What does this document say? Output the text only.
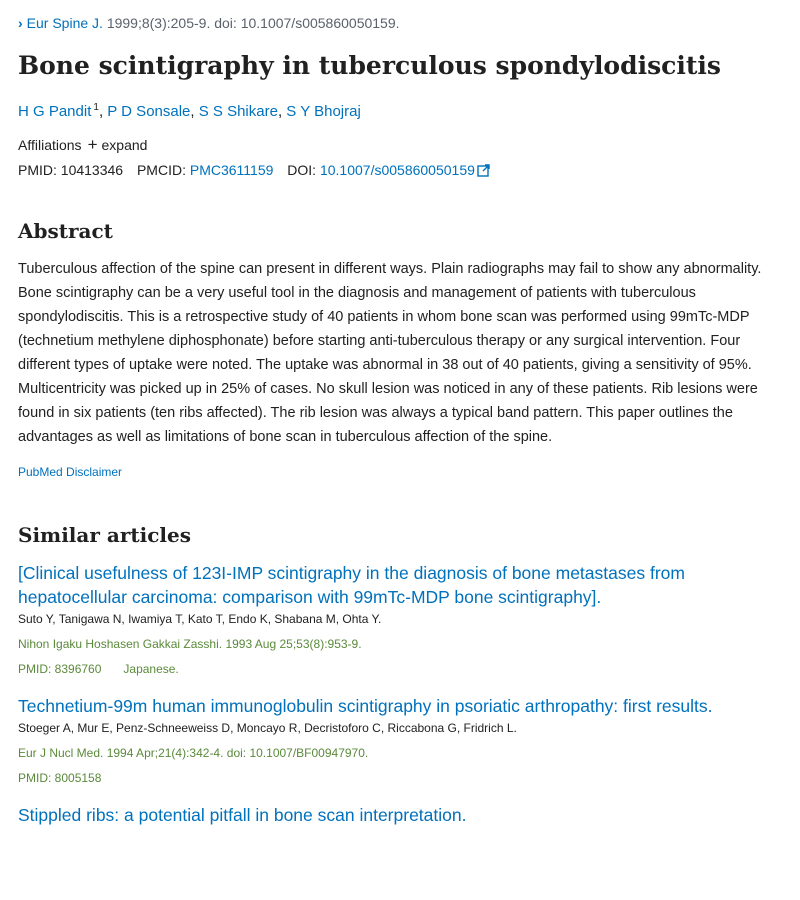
› Eur Spine J. 1999;8(3):205-9. doi: 10.1007/s005860050159.
Bone scintigraphy in tuberculous spondylodiscitis
H G Pandit $^1$, P D Sonsale, S S Shikare, S Y Bhojraj
Affiliations + expand
PMID: 10413346 PMCID: PMC3611159 DOI: 10.1007/s005860050159
Abstract
Tuberculous affection of the spine can present in different ways. Plain radiographs may fail to show any abnormality. Bone scintigraphy can be a very useful tool in the diagnosis and management of patients with tuberculous spondylodiscitis. This is a retrospective study of 40 patients in whom bone scan was performed using 99mTc-MDP (technetium methylene diphosphonate) before starting anti-tuberculous therapy or any surgical intervention. Four different types of uptake were noted. The uptake was abnormal in 38 out of 40 patients, giving a sensitivity of 95%. Multicentricity was picked up in 25% of cases. No skull lesion was noticed in any of these patients. Rib lesions were found in six patients (ten ribs affected). The rib lesion was always a typical band pattern. This paper outlines the advantages as well as limitations of bone scan in tuberculous affection of the spine.
PubMed Disclaimer
Similar articles
[Clinical usefulness of 123I-IMP scintigraphy in the diagnosis of bone metastases from hepatocellular carcinoma: comparison with 99mTc-MDP bone scintigraphy].
Suto Y, Tanigawa N, Iwamiya T, Kato T, Endo K, Shabana M, Ohta Y.
Nihon Igaku Hoshasen Gakkai Zasshi. 1993 Aug 25;53(8):953-9.
PMID: 8396760 Japanese.
Technetium-99m human immunoglobulin scintigraphy in psoriatic arthropathy: first results.
Stoeger A, Mur E, Penz-Schneeweiss D, Moncayo R, Decristoforo C, Riccabona G, Fridrich L.
Eur J Nucl Med. 1994 Apr;21(4):342-4. doi: 10.1007/BF00947970.
PMID: 8005158
Stippled ribs: a potential pitfall in bone scan interpretation.
